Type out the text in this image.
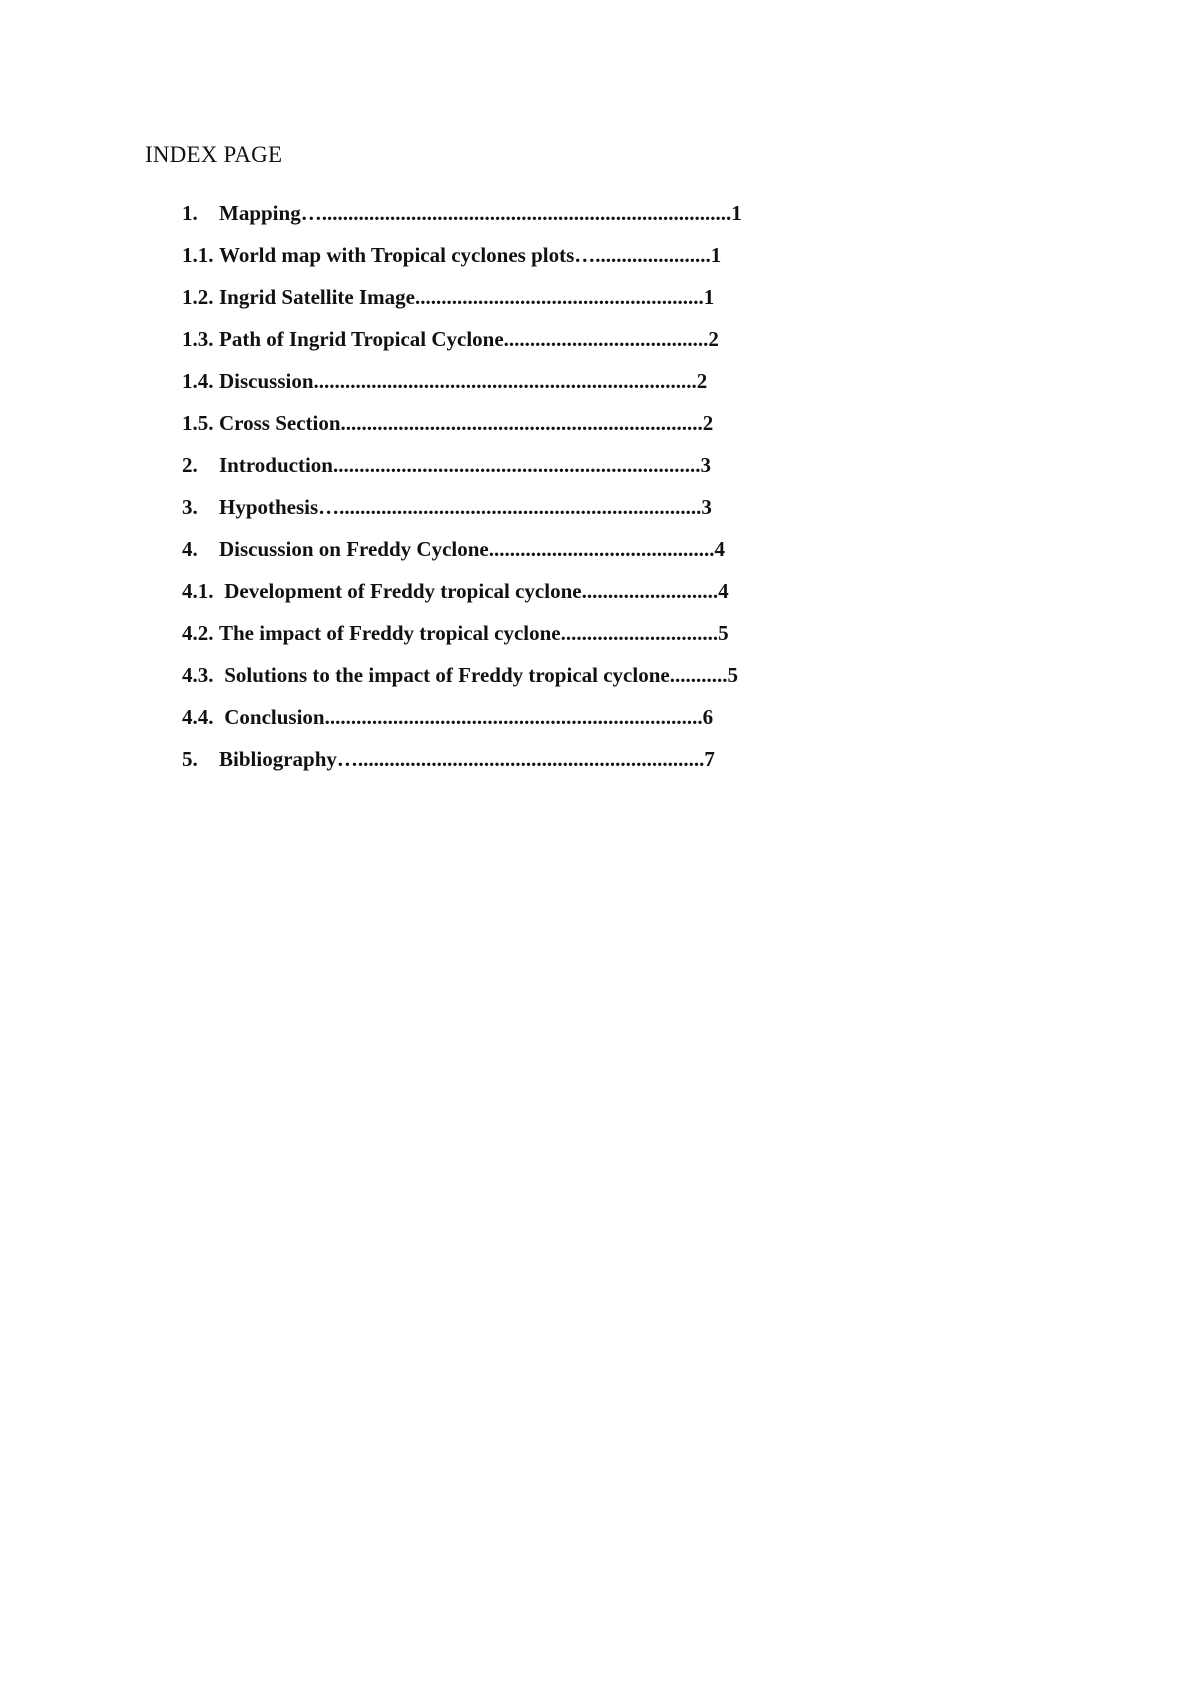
INDEX PAGE
1. Mapping…..............................................................................1
1.1. World map with Tropical cyclones plots…......................1
1.2. Ingrid Satellite Image.......................................................1
1.3. Path of Ingrid Tropical Cyclone.......................................2
1.4. Discussion.........................................................................2
1.5. Cross Section.....................................................................2
2. Introduction......................................................................3
3. Hypothesis….....................................................................3
4. Discussion on Freddy Cyclone...........................................4
4.1. Development of Freddy tropical cyclone..........................4
4.2. The impact of Freddy tropical cyclone..............................5
4.3. Solutions to the impact of Freddy tropical cyclone...........5
4.4. Conclusion........................................................................6
5. Bibliography…..................................................................7
